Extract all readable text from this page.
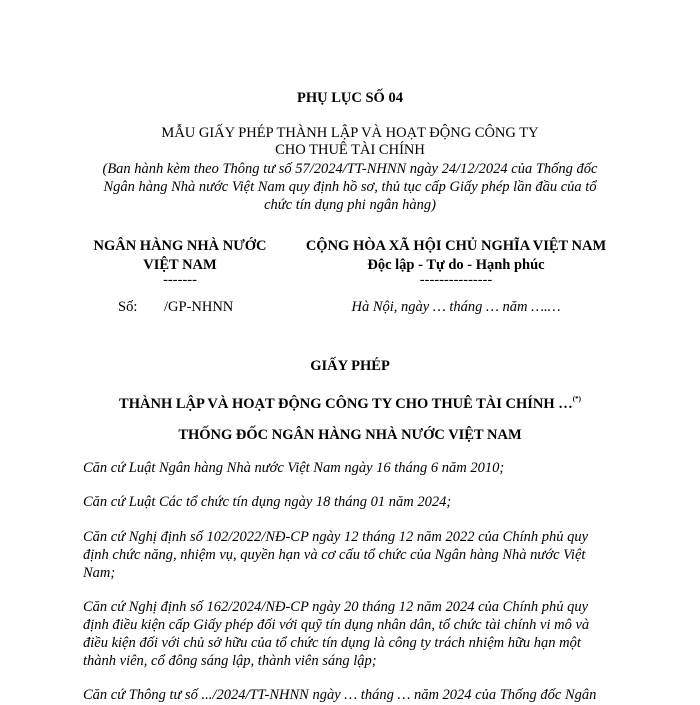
PHỤ LỤC SỐ 04
MẪU GIẤY PHÉP THÀNH LẬP VÀ HOẠT ĐỘNG CÔNG TY
CHO THUÊ TÀI CHÍNH
(Ban hành kèm theo Thông tư số 57/2024/TT-NHNN ngày 24/12/2024 của Thống đốc
Ngân hàng Nhà nước Việt Nam quy định hồ sơ, thủ tục cấp Giấy phép lần đầu của tổ
chức tín dụng phi ngân hàng)
NGÂN HÀNG NHÀ NƯỚC
VIỆT NAM
-------
Số: /GP-NHNN
CỘNG HÒA XÃ HỘI CHỦ NGHĨA VIỆT NAM
Độc lập - Tự do - Hạnh phúc
---------------
Hà Nội, ngày … tháng … năm ….…
GIẤY PHÉP
THÀNH LẬP VÀ HOẠT ĐỘNG CÔNG TY CHO THUÊ TÀI CHÍNH …(*)
THỐNG ĐỐC NGÂN HÀNG NHÀ NƯỚC VIỆT NAM
Căn cứ Luật Ngân hàng Nhà nước Việt Nam ngày 16 tháng 6 năm 2010;
Căn cứ Luật Các tổ chức tín dụng ngày 18 tháng 01 năm 2024;
Căn cứ Nghị định số 102/2022/NĐ-CP ngày 12 tháng 12 năm 2022 của Chính phủ quy
định chức năng, nhiệm vụ, quyền hạn và cơ cấu tổ chức của Ngân hàng Nhà nước Việt
Nam;
Căn cứ Nghị định số 162/2024/NĐ-CP ngày 20 tháng 12 năm 2024 của Chính phủ quy
định điều kiện cấp Giấy phép đối với quỹ tín dụng nhân dân, tổ chức tài chính vi mô và
điều kiện đối với chủ sở hữu của tổ chức tín dụng là công ty trách nhiệm hữu hạn một
thành viên, cổ đông sáng lập, thành viên sáng lập;
Căn cứ Thông tư số .../2024/TT-NHNN ngày … tháng … năm 2024 của Thống đốc Ngân
